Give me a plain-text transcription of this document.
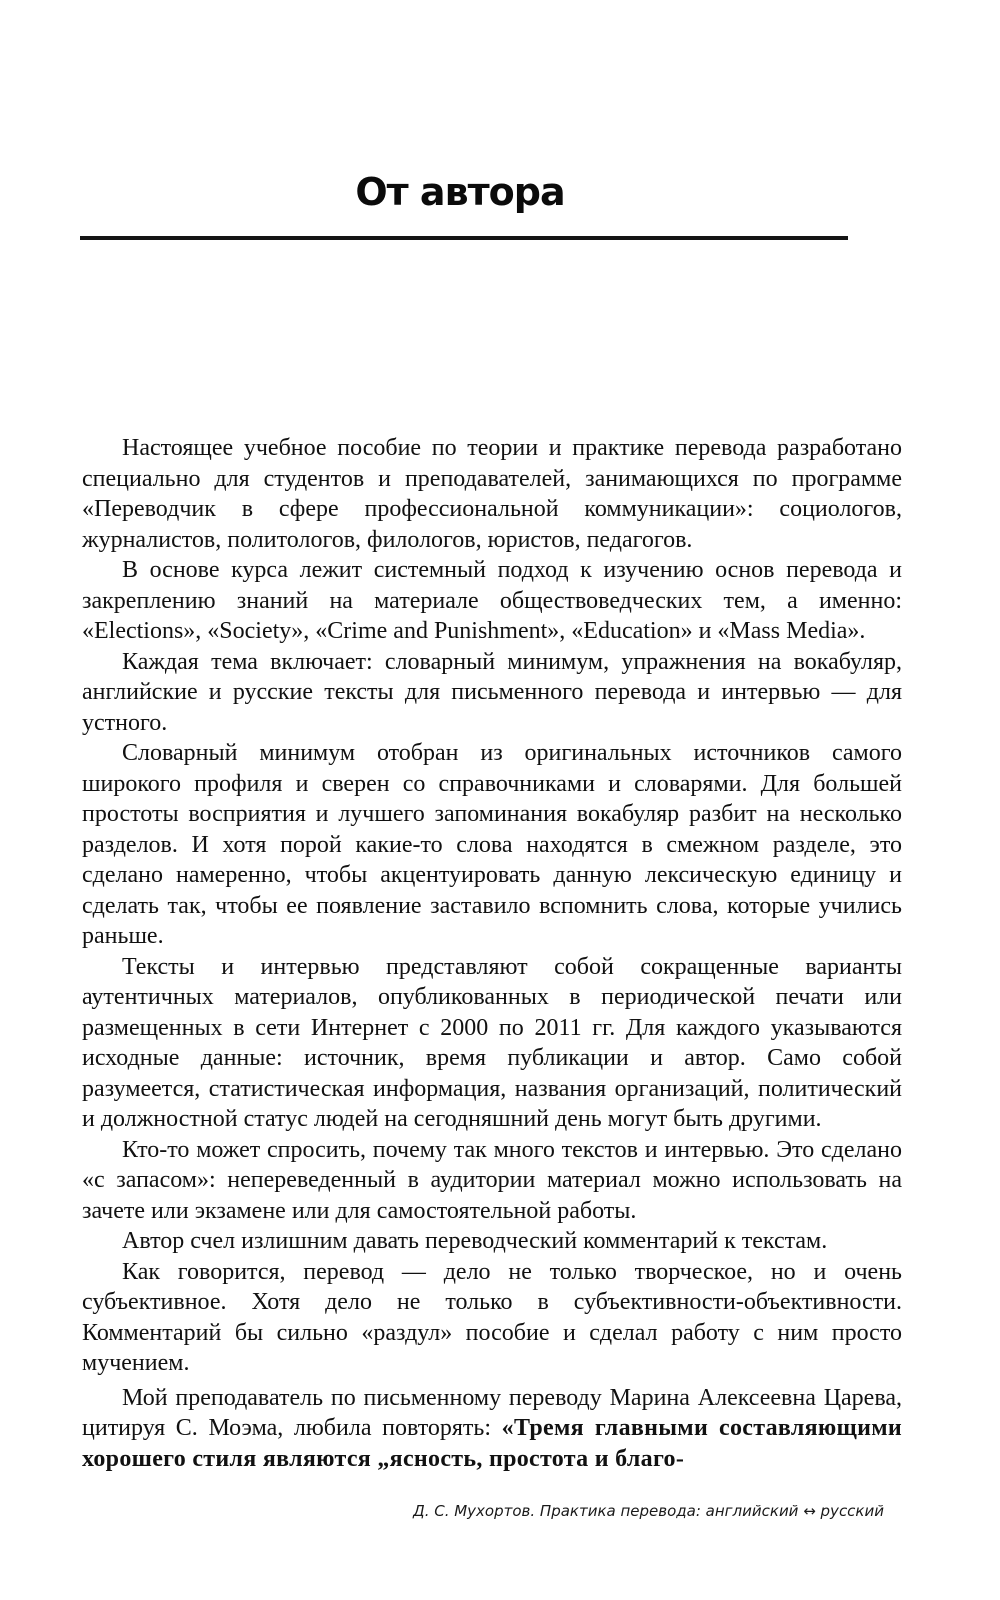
От автора

Настоящее учебное пособие по теории и практике перевода разработано специально для студентов и преподавателей, занимающихся по программе «Переводчик в сфере профессиональной коммуникации»: социологов, журналистов, политологов, филологов, юристов, педагогов.

В основе курса лежит системный подход к изучению основ перевода и закреплению знаний на материале обществоведческих тем, а именно: «Elections», «Society», «Crime and Punishment», «Education» и «Mass Media».

Каждая тема включает: словарный минимум, упражнения на вокабуляр, английские и русские тексты для письменного перевода и интервью — для устного.

Словарный минимум отобран из оригинальных источников самого широкого профиля и сверен со справочниками и словарями. Для большей простоты восприятия и лучшего запоминания вокабуляр разбит на несколько разделов. И хотя порой какие-то слова находятся в смежном разделе, это сделано намеренно, чтобы акцентуировать данную лексическую единицу и сделать так, чтобы ее появление заставило вспомнить слова, которые учились раньше.

Тексты и интервью представляют собой сокращенные варианты аутентичных материалов, опубликованных в периодической печати или размещенных в сети Интернет с 2000 по 2011 гг. Для каждого указываются исходные данные: источник, время публикации и автор. Само собой разумеется, статистическая информация, названия организаций, политический и должностной статус людей на сегодняшний день могут быть другими.

Кто-то может спросить, почему так много текстов и интервью. Это сделано «с запасом»: непереведенный в аудитории материал можно использовать на зачете или экзамене или для самостоятельной работы.

Автор счел излишним давать переводческий комментарий к текстам.

Как говорится, перевод — дело не только творческое, но и очень субъективное. Хотя дело не только в субъективности-объективности. Комментарий бы сильно «раздул» пособие и сделал работу с ним просто мучением.

Мой преподаватель по письменному переводу Марина Алексеевна Царева, цитируя С. Моэма, любила повторять: «Тремя главными составляющими хорошего стиля являются „ясность, простота и благо-

Д. С. Мухортов. Практика перевода: английский ↔ русский
